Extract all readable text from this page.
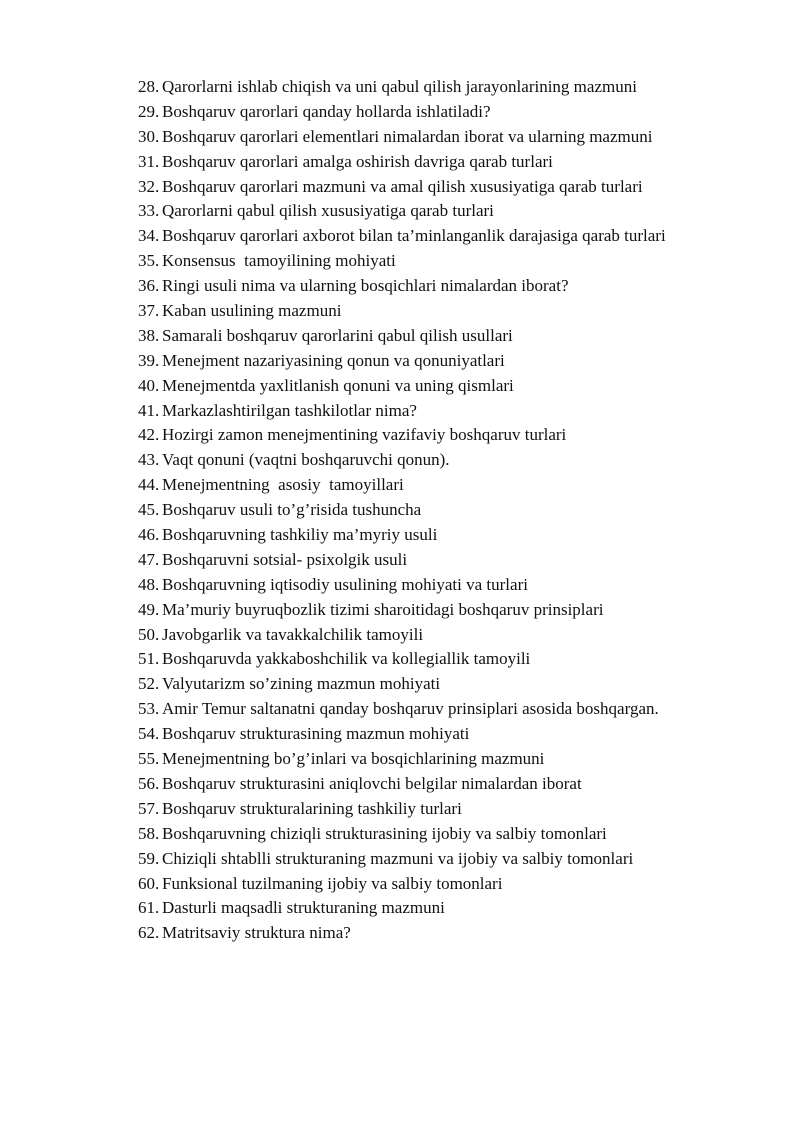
28. Qarorlarni ishlab chiqish va uni qabul qilish jarayonlarining mazmuni
29. Boshqaruv qarorlari qanday hollarda ishlatiladi?
30. Boshqaruv qarorlari elementlari nimalardan iborat va ularning mazmuni
31. Boshqaruv qarorlari amalga oshirish davriga qarab turlari
32. Boshqaruv qarorlari mazmuni va amal qilish xususiyatiga qarab turlari
33. Qarorlarni qabul qilish xususiyatiga qarab turlari
34. Boshqaruv qarorlari axborot bilan ta’minlanganlik darajasiga qarab turlari
35. Konsensus  tamoyilining mohiyati
36. Ringi usuli nima va ularning bosqichlari nimalardan iborat?
37. Kaban usulining mazmuni
38. Samarali boshqaruv qarorlarini qabul qilish usullari
39. Menejment nazariyasining qonun va qonuniyatlari
40. Menejmentda yaxlitlanish qonuni va uning qismlari
41. Markazlashtirilgan tashkilotlar nima?
42. Hozirgi zamon menejmentining vazifaviy boshqaruv turlari
43. Vaqt qonuni (vaqtni boshqaruvchi qonun).
44. Menejmentning  asosiy  tamoyillari
45. Boshqaruv usuli to’g’risida tushuncha
46. Boshqaruvning tashkiliy ma’myriy usuli
47. Boshqaruvni sotsial- psixolgik usuli
48. Boshqaruvning iqtisodiy usulining mohiyati va turlari
49. Ma’muriy buyruqbozlik tizimi sharoitidagi boshqaruv prinsiplari
50. Javobgarlik va tavakkalchilik tamoyili
51. Boshqaruvda yakkaboshchilik va kollegiallik tamoyili
52. Valyutarizm so’zining mazmun mohiyati
53. Amir Temur saltanatni qanday boshqaruv prinsiplari asosida boshqargan.
54. Boshqaruv strukturasining mazmun mohiyati
55. Menejmentning bo’g’inlari va bosqichlarining mazmuni
56. Boshqaruv strukturasini aniqlovchi belgilar nimalardan iborat
57. Boshqaruv strukturalarining tashkiliy turlari
58. Boshqaruvning chiziqli strukturasining ijobiy va salbiy tomonlari
59. Chiziqli shtablli strukturaning mazmuni va ijobiy va salbiy tomonlari
60. Funksional tuzilmaning ijobiy va salbiy tomonlari
61. Dasturli maqsadli strukturaning mazmuni
62. Matritsaviy struktura nima?
